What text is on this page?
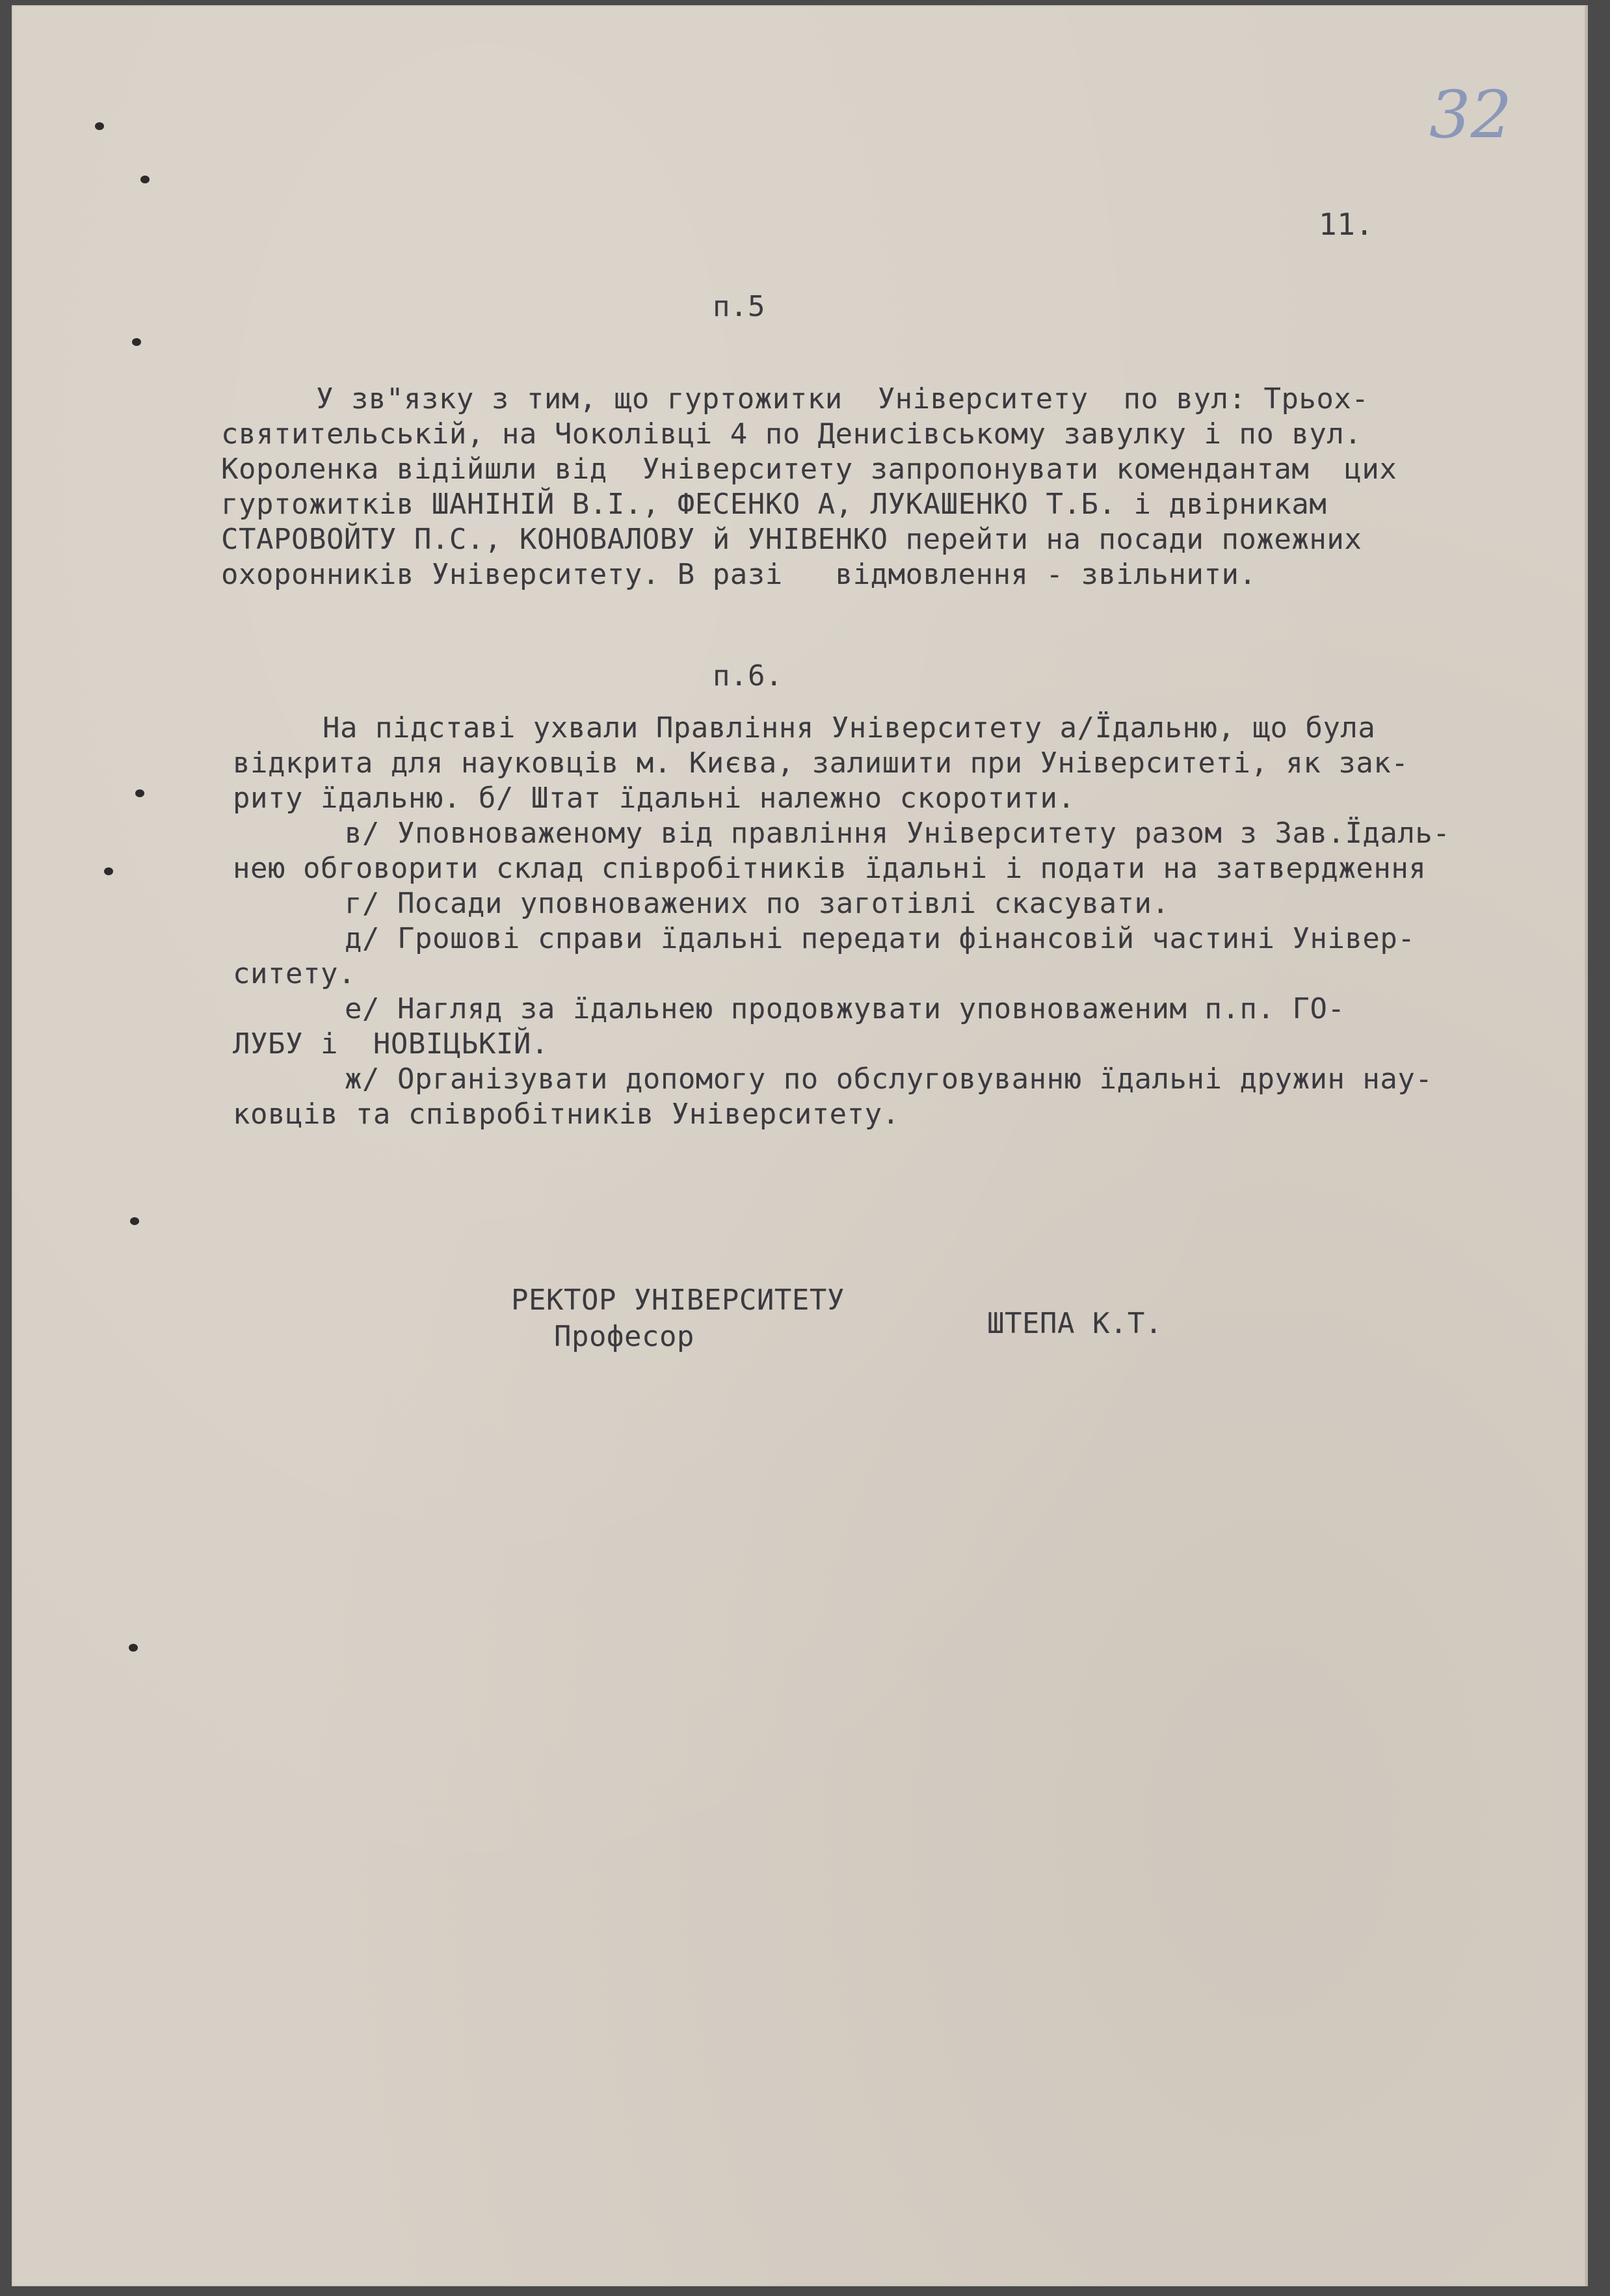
32
11.
п.5
У зв"язку з тим, що гуртожитки  Університету  по вул: Трьох-
святительській, на Чоколівці 4 по Денисівському завулку і по вул.
Короленка відійшли від  Університету запропонувати комендантам  цих
гуртожитків ШАНІНІЙ В.І., ФЕСЕНКО А, ЛУКАШЕНКО Т.Б. і двірникам
СТАРОВОЙТУ П.С., КОНОВАЛОВУ й УНІВЕНКО перейти на посади пожежних
охоронників Університету. В разі   відмовлення - звільнити.
п.6.
На підставі ухвали Правління Університету а/Їдальню, що була
відкрита для науковців м. Києва, залишити при Університеті, як зак-
риту їдальню. б/ Штат їдальні належно скоротити.
в/ Уповноваженому від правління Університету разом з Зав.Їдаль-
нею обговорити склад співробітників їдальні і подати на затвердження
г/ Посади уповноважених по заготівлі скасувати.
д/ Грошові справи їдальні передати фінансовій частині Універ-
ситету.
е/ Нагляд за їдальнею продовжувати уповноваженим п.п. ГО-
ЛУБУ і  НОВІЦЬКІЙ.
ж/ Організувати допомогу по обслуговуванню їдальні дружин нау-
ковців та співробітників Університету.
РЕКТОР УНІВЕРСИТЕТУ
Професор	ШТЕПА К.Т.
